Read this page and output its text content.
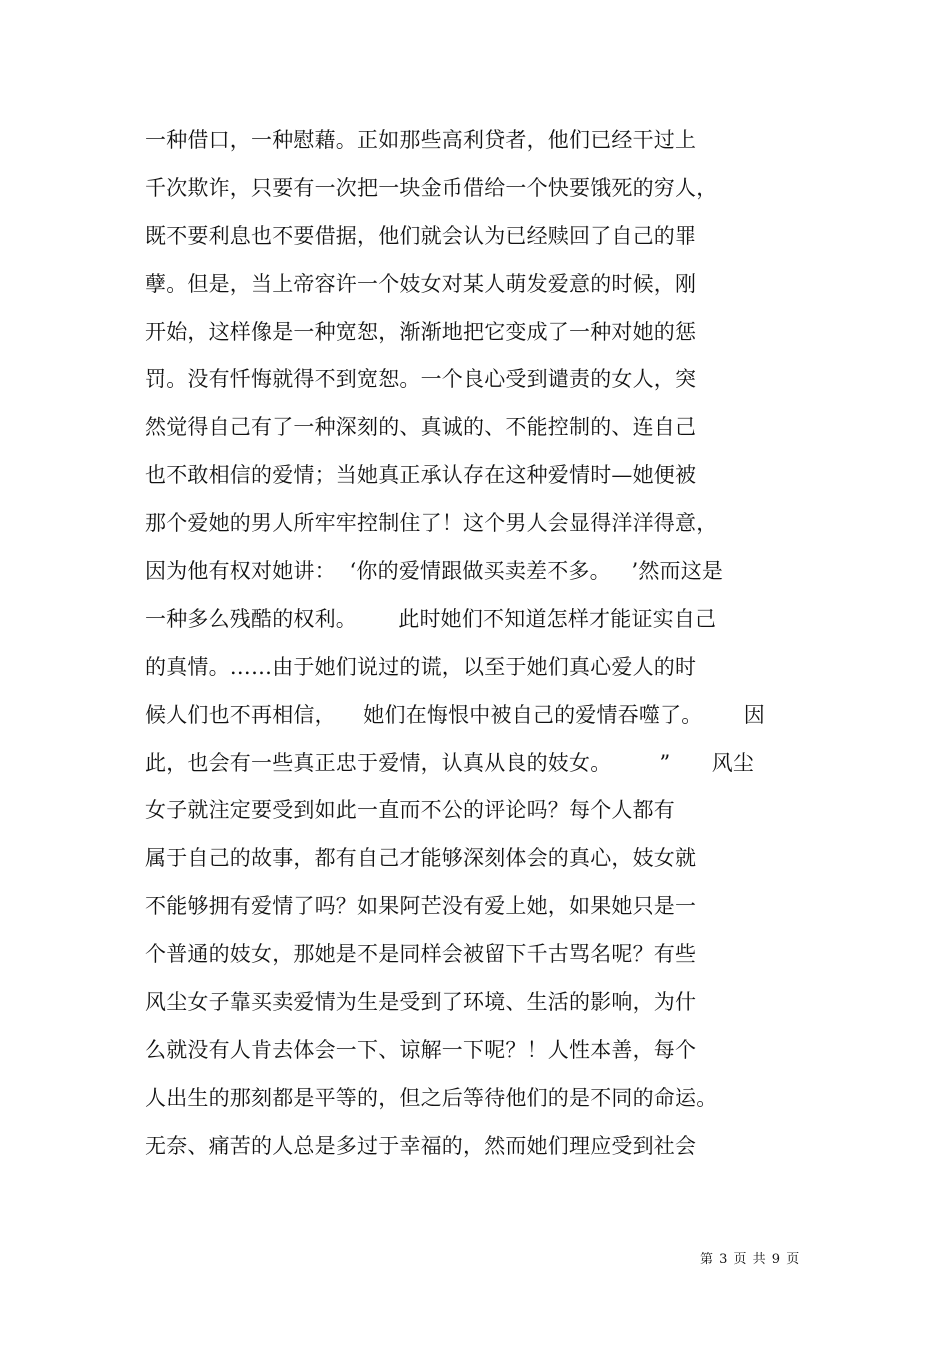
一种借口，一种慰藉。正如那些高利贷者，他们已经干过上
千次欺诈，只要有一次把一块金币借给一个快要饿死的穷人，
既不要利息也不要借据，他们就会认为已经赎回了自己的罪
孽。但是，当上帝容许一个妓女对某人萌发爱意的时候，刚
开始，这样像是一种宽恕，渐渐地把它变成了一种对她的惩
罚。没有忏悔就得不到宽恕。一个良心受到谴责的女人，突
然觉得自己有了一种深刻的、真诚的、不能控制的、连自己
也不敢相信的爱情；当她真正承认存在这种爱情时—她便被
那个爱她的男人所牢牢控制住了！这个男人会显得洋洋得意，
因为他有权对她讲：  ‘你的爱情跟做买卖差不多。   ’然而这是
一种多么残酷的权利。      此时她们不知道怎样才能证实自己
的真情。……由于她们说过的谎，以至于她们真心爱人的时
候人们也不再相信，    她们在悔恨中被自己的爱情吞噬了。      因
此，也会有一些真正忠于爱情，认真从良的妓女。       ”      风尘
女子就注定要受到如此一直而不公的评论吗？每个人都有
属于自己的故事，都有自己才能够深刻体会的真心，妓女就
不能够拥有爱情了吗？如果阿芒没有爱上她，如果她只是一
个普通的妓女，那她是不是同样会被留下千古骂名呢？有些
风尘女子靠买卖爱情为生是受到了环境、生活的影响，为什
么就没有人肯去体会一下、谅解一下呢？！人性本善，每个
人出生的那刻都是平等的，但之后等待他们的是不同的命运。
无奈、痛苦的人总是多过于幸福的，然而她们理应受到社会
第 3 页 共 9 页
